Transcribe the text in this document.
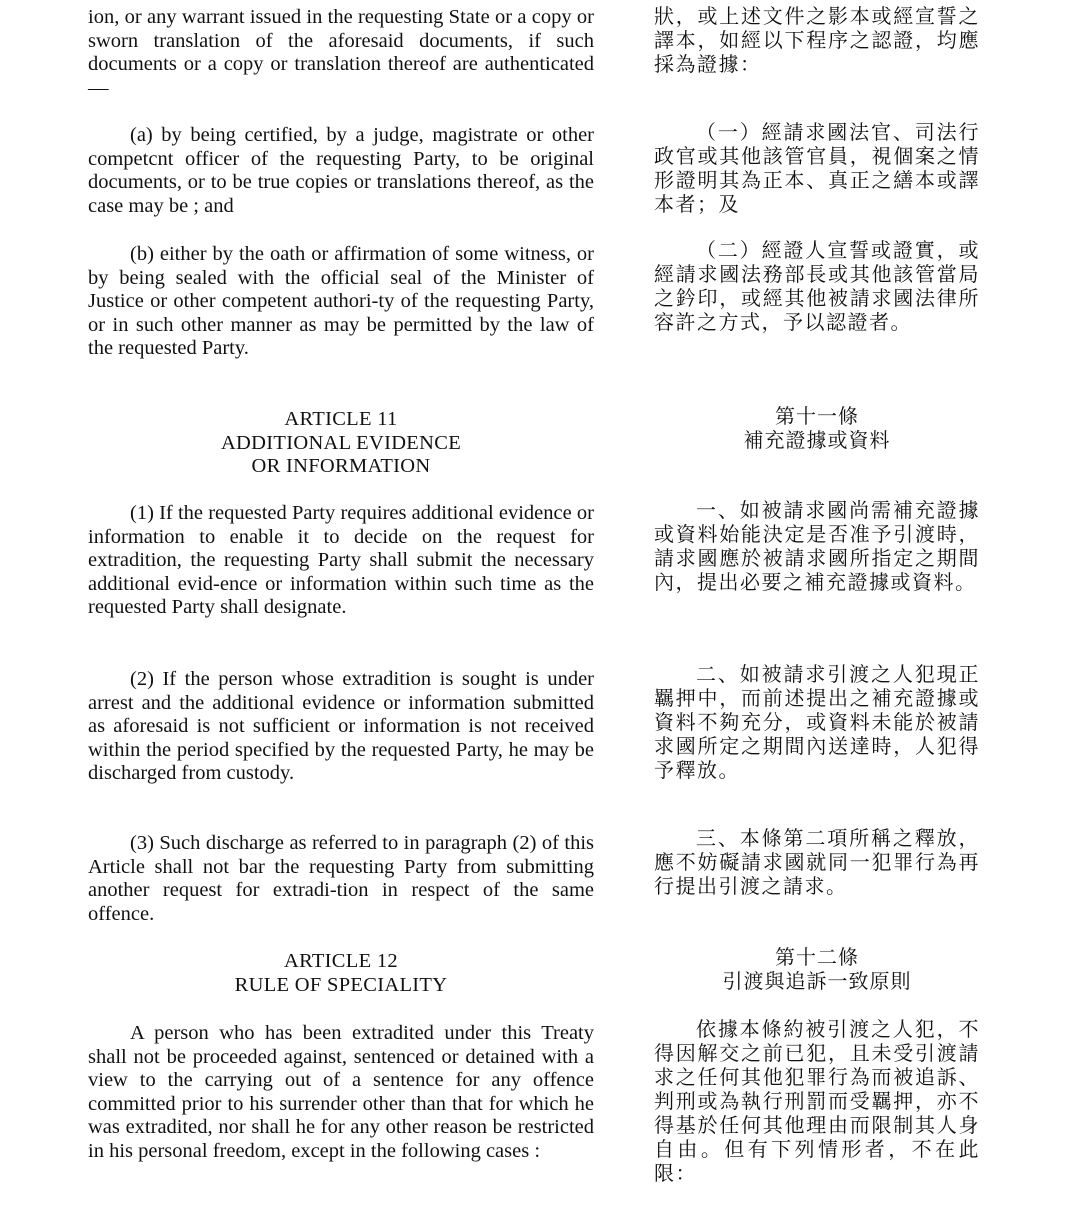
ion, or any warrant issued in the requesting State or a copy or sworn translation of the aforesaid documents, if such documents or a copy or translation thereof are authenticated —

(a) by being certified, by a judge, magistrate or other competcnt officer of the requesting Party, to be original documents, or to be true copies or translations thereof, as the case may be ; and

(b) either by the oath or affirmation of some witness, or by being sealed with the official seal of the Minister of Justice or other competent authori-ty of the requesting Party, or in such other manner as may be permitted by the law of the requested Party.

ARTICLE 11
ADDITIONAL EVIDENCE
OR INFORMATION

(1) If the requested Party requires additional evidence or information to enable it to decide on the request for extradition, the requesting Party shall submit the necessary additional evid-ence or information within such time as the requested Party shall designate.

(2) If the person whose extradition is sought is under arrest and the additional evidence or information submitted as aforesaid is not sufficient or information is not received within the period specified by the requested Party, he may be discharged from custody.

(3) Such discharge as referred to in paragraph (2) of this Article shall not bar the requesting Party from submitting another request for extradi-tion in respect of the same offence.

ARTICLE 12
RULE OF SPECIALITY

A person who has been extradited under this Treaty shall not be proceeded against, sentenced or detained with a view to the carrying out of a sentence for any offence committed prior to his surrender other than that for which he was extradited, nor shall he for any other reason be restricted in his personal freedom, except in the following cases :

狀，或上述文件之影本或經宣誓之譯本，如經以下程序之認證，均應採為證據：

（一）經請求國法官、司法行政官或其他該管官員，視個案之情形證明其為正本、真正之繕本或譯本者；及

（二）經證人宣誓或證實，或經請求國法務部長或其他該管當局之鈐印，或經其他被請求國法律所容許之方式，予以認證者。

第十一條
補充證據或資料

一、如被請求國尚需補充證據或資料始能決定是否准予引渡時，請求國應於被請求國所指定之期間內，提出必要之補充證據或資料。

二、如被請求引渡之人犯現正羈押中，而前述提出之補充證據或資料不夠充分，或資料未能於被請求國所定之期間內送達時，人犯得予釋放。

三、本條第二項所稱之釋放，應不妨礙請求國就同一犯罪行為再行提出引渡之請求。

第十二條
引渡與追訴一致原則

依據本條約被引渡之人犯，不得因解交之前已犯，且未受引渡請求之任何其他犯罪行為而被追訴、判刑或為執行刑罰而受羈押，亦不得基於任何其他理由而限制其人身自由。但有下列情形者，不在此限：
